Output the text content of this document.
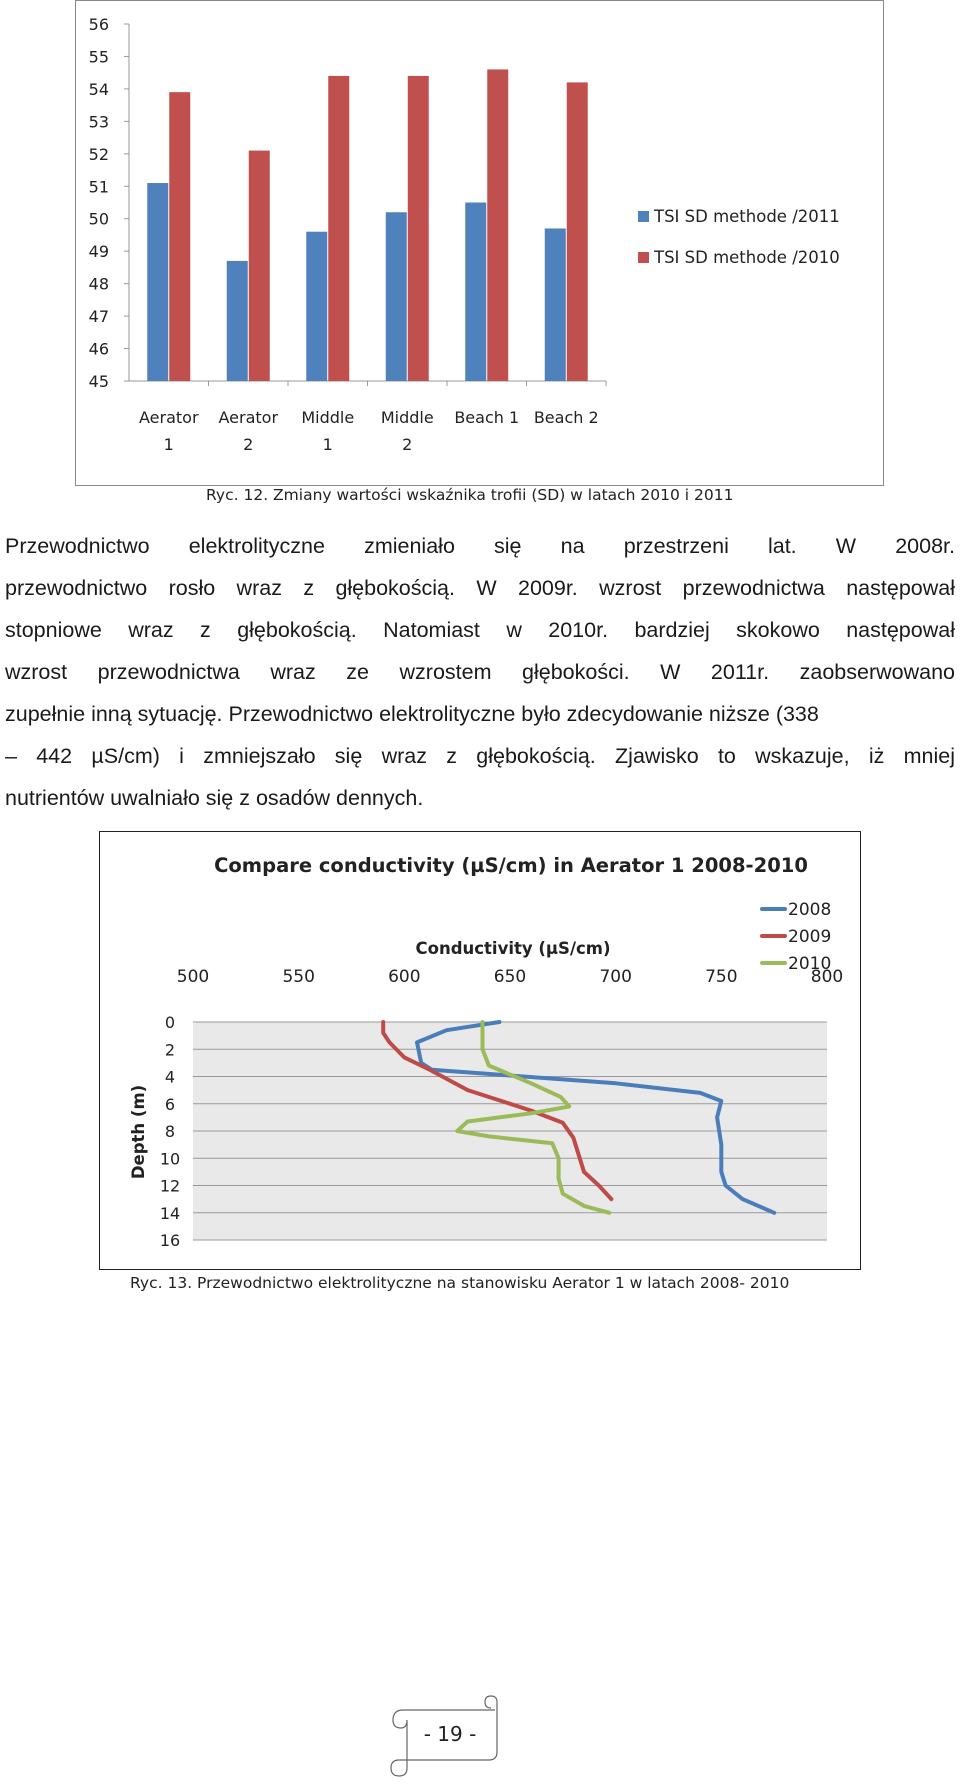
45
46
47
48
49
50
51
52
53
54
55
56
Aerator
1
Aerator
2
Middle
1
Middle
2
Beach 1 Beach 2
TSI SD methode /2011
TSI SD methode /2010
Ryc. 12. Zmiany wartości wskaźnika trofii (SD) w latach 2010 i 2011
Przewodnictwo elektrolityczne zmieniało się na przestrzeni lat. W 2008r.
przewodnictwo rosło wraz z głębokością. W 2009r. wzrost przewodnictwa następował
stopniowe wraz z głębokością. Natomiast w 2010r. bardziej skokowo następował
wzrost przewodnictwa wraz ze wzrostem głębokości. W 2011r. zaobserwowano
zupełnie inną sytuację. Przewodnictwo elektrolityczne było zdecydowanie niższe (338
– 442 µS/cm) i zmniejszało się wraz z głębokością. Zjawisko to wskazuje, iż mniej
nutrientów uwalniało się z osadów dennych.
0
2
4
6
8
10
12
14
16
500	550	600	650	700	750	800
Compare conductivity (µS/cm) in Aerator 1 2008-2010
Conductivity (µS/cm)
Depth (m)
2008
2009
2010
Ryc. 13. Przewodnictwo elektrolityczne na stanowisku Aerator 1 w latach 2008- 2010
- 19 -
